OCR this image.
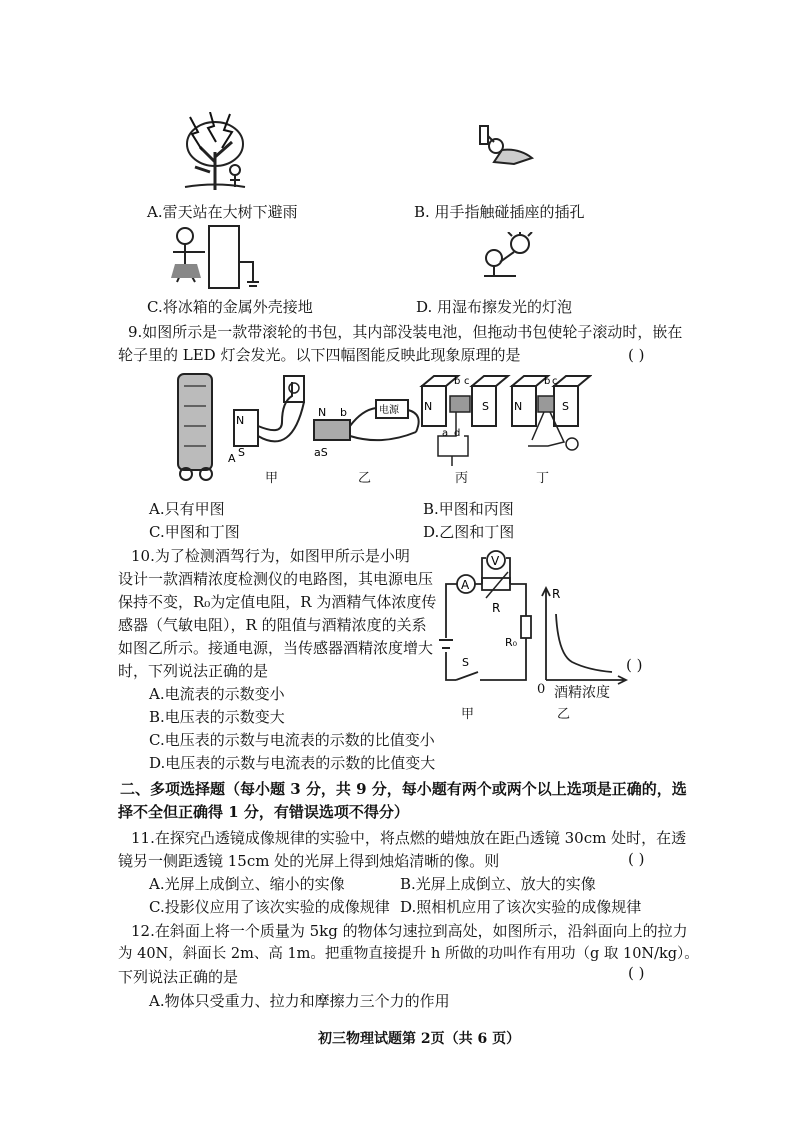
A.雷天站在大树下避雨	B. 用手指触碰插座的插孔
C.将冰箱的金属外壳接地	D. 用湿布擦发光的灯泡
9.如图所示是一款带滚轮的书包，其内部没装电池，但拖动书包使轮子滚动时，嵌在
轮子里的 LED 灯会发光。以下四幅图能反映此现象原理的是	( )
N
S
A
N b
aS
电源 N	S
b c
d
a
N	S
b c
甲	乙	丙	丁
A.只有甲图	B.甲图和丙图
C.甲图和丁图	D.乙图和丁图
10.为了检测酒驾行为，如图甲所示是小明
设计一款酒精浓度检测仪的电路图，其电源电压
保持不变，R₀为定值电阻，R 为酒精气体浓度传
感器（气敏电阻），R 的阻值与酒精浓度的关系
如图乙所示。接通电源，当传感器酒精浓度增大
时，下列说法正确的是	( )
A
R
V
R₀
S
R
0 酒精浓度
甲	乙
A.电流表的示数变小
B.电压表的示数变大
C.电压表的示数与电流表的示数的比值变小
D.电压表的示数与电流表的示数的比值变大
二、多项选择题（每小题 3 分，共 9 分，每小题有两个或两个以上选项是正确的，选
择不全但正确得 1 分，有错误选项不得分）
11.在探究凸透镜成像规律的实验中，将点燃的蜡烛放在距凸透镜 30cm 处时，在透
镜另一侧距透镜 15cm 处的光屏上得到烛焰清晰的像。则	( )
A.光屏上成倒立、缩小的实像	B.光屏上成倒立、放大的实像
C.投影仪应用了该次实验的成像规律 D.照相机应用了该次实验的成像规律
12.在斜面上将一个质量为 5kg 的物体匀速拉到高处，如图所示，沿斜面向上的拉力
为 40N，斜面长 2m、高 1m。把重物直接提升 h 所做的功叫作有用功（g 取 10N/kg）。
下列说法正确的是	( )
A.物体只受重力、拉力和摩擦力三个力的作用
初三物理试题第 2页（共 6 页）
